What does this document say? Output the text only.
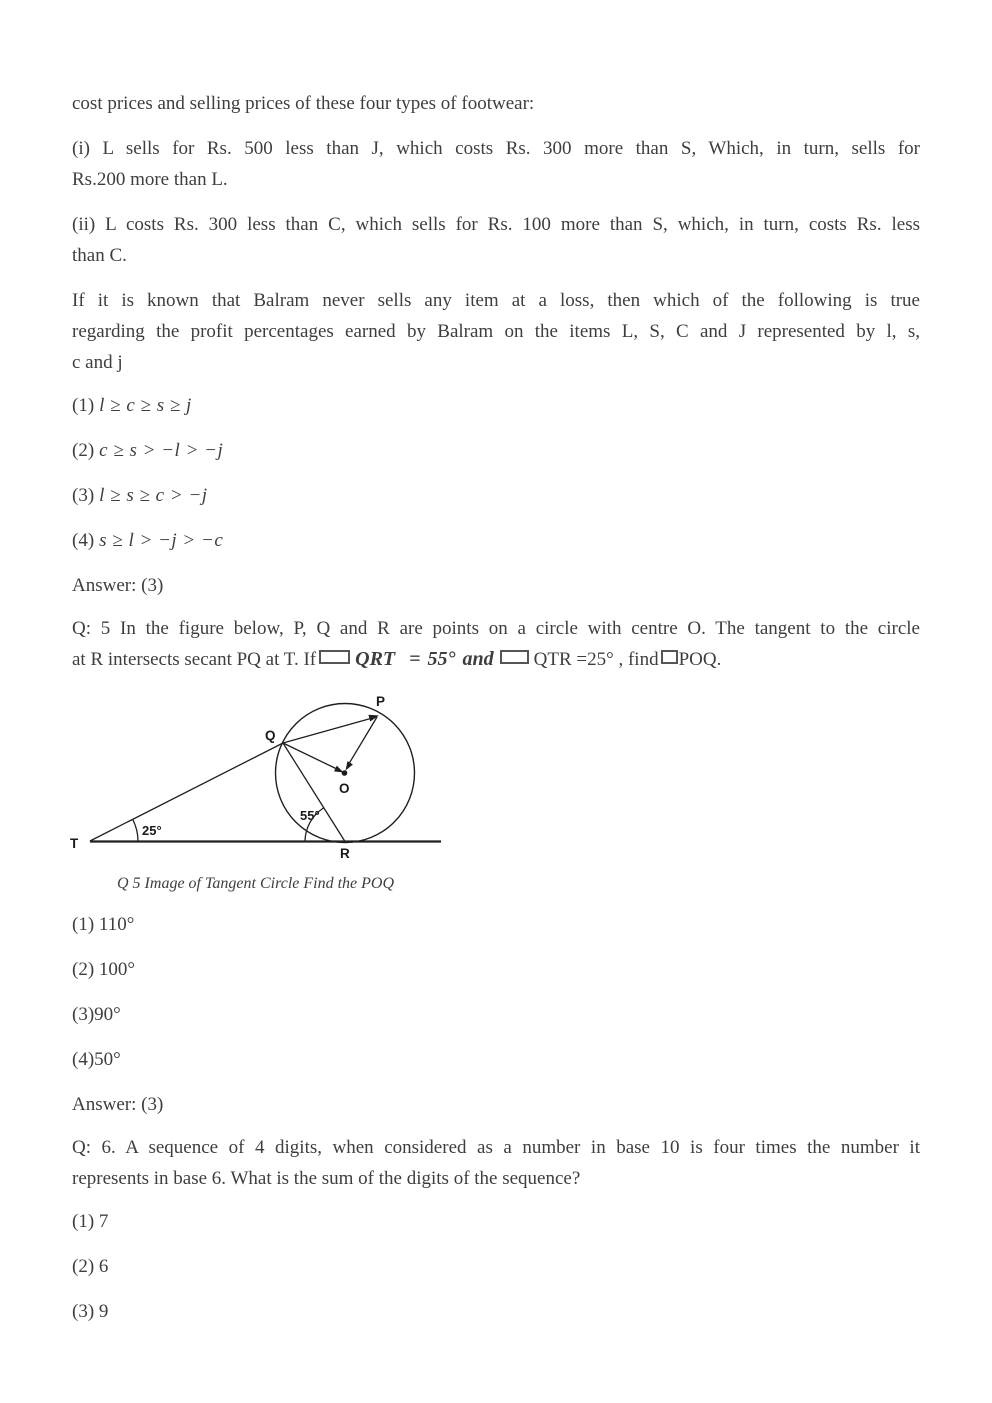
cost prices and selling prices of these four types of footwear:
(i) L sells for Rs. 500 less than J, which costs Rs. 300 more than S, Which, in turn, sells for
Rs.200 more than L.
(ii) L costs Rs. 300 less than C, which sells for Rs. 100 more than S, which, in turn, costs Rs. less
than C.
If it is known that Balram never sells any item at a loss, then which of the following is true
regarding the profit percentages earned by Balram on the items L, S, C and J represented by l, s,
c and j
(1) l ≥ c ≥ s ≥ j
(2) c ≥ s > −l > −j
(3) l ≥ s ≥ c > −j
(4) s ≥ l > −j > −c
Answer: (3)
Q: 5 In the figure below, P, Q and R are points on a circle with centre O. The tangent to the circle
at R intersects secant PQ at T. If QRT  = 55° and QTR =25° , find POQ.
T
Q
P
O
R
25°
55°
Q 5 Image of Tangent Circle Find the POQ
(1) 110°
(2) 100°
(3)90°
(4)50°
Answer: (3)
Q: 6. A sequence of 4 digits, when considered as a number in base 10 is four times the number it
represents in base 6. What is the sum of the digits of the sequence?
(1) 7
(2) 6
(3) 9
